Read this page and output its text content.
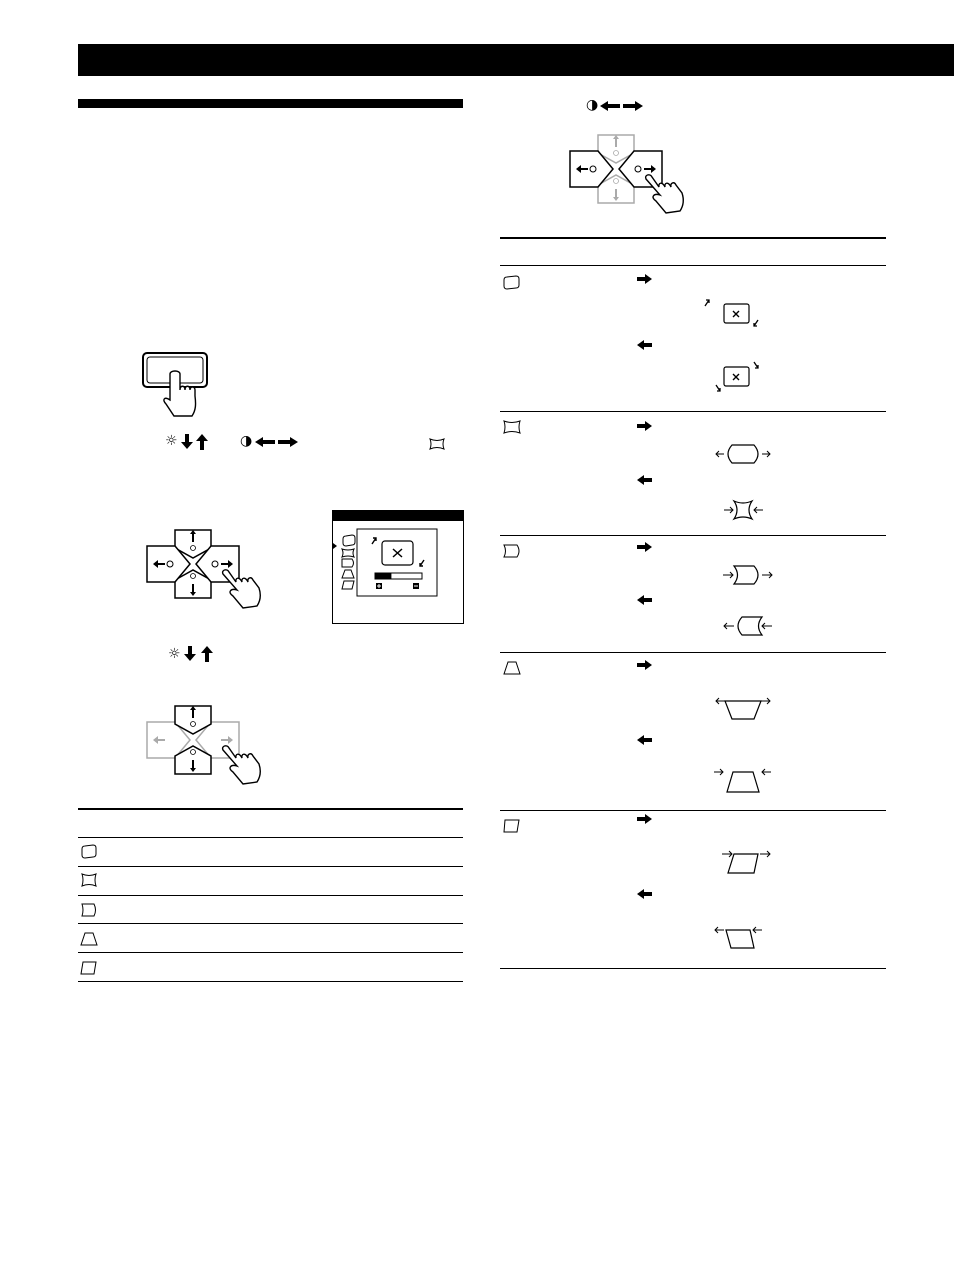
☼	◑
☼
◑
